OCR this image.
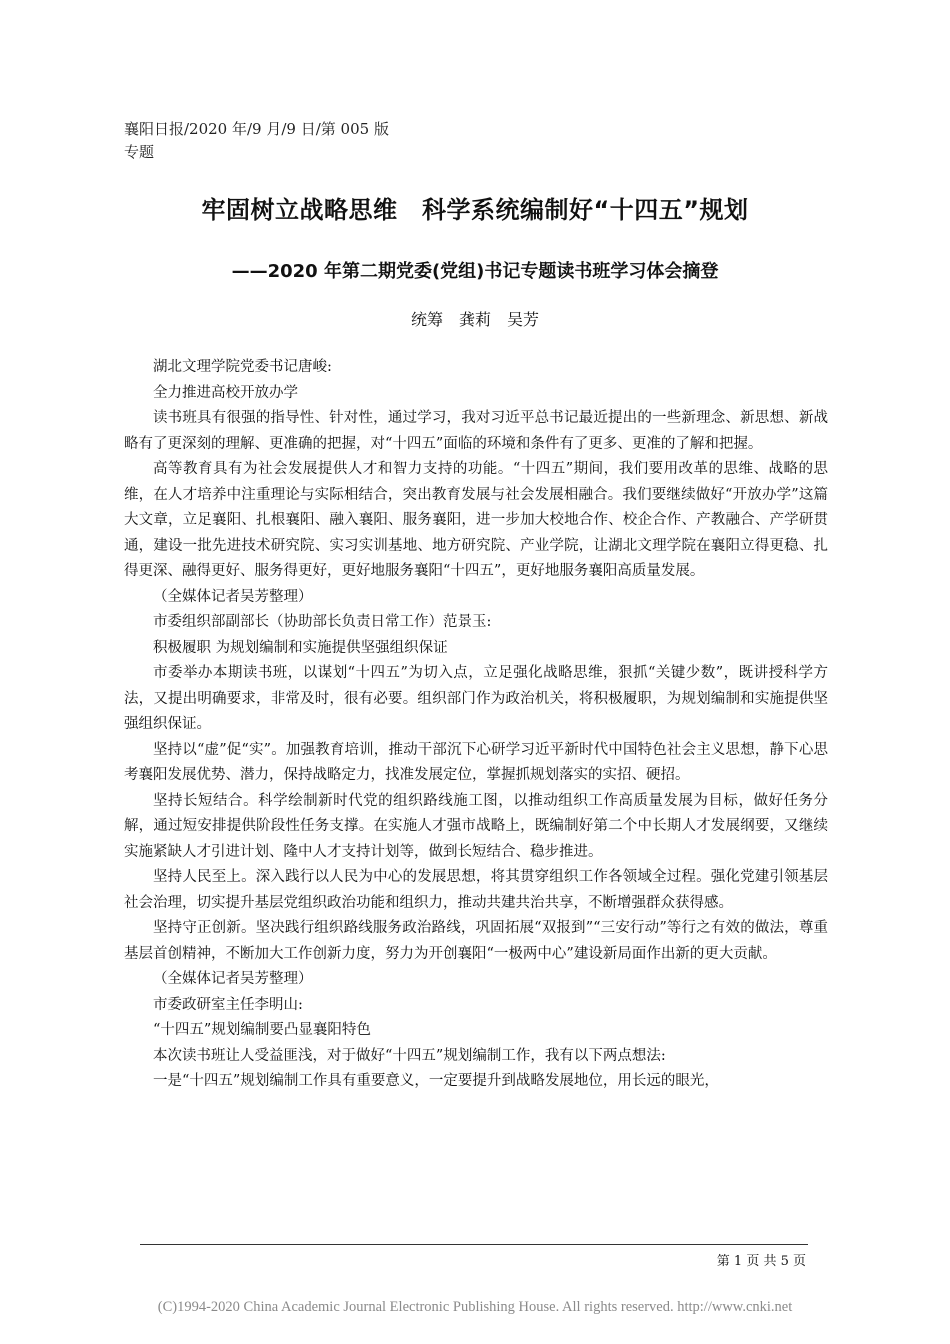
襄阳日报/2020 年/9 月/9 日/第 005 版
专题
牢固树立战略思维　科学系统编制好“十四五”规划
——2020 年第二期党委(党组)书记专题读书班学习体会摘登
统筹　龚莉　吴芳

湖北文理学院党委书记唐峻:

全力推进高校开放办学

读书班具有很强的指导性、针对性，通过学习，我对习近平总书记最近提出的一些新理念、新思想、新战略有了更深刻的理解、更准确的把握，对“十四五”面临的环境和条件有了更多、更准的了解和把握。

高等教育具有为社会发展提供人才和智力支持的功能。“十四五”期间，我们要用改革的思维、战略的思维，在人才培养中注重理论与实际相结合，突出教育发展与社会发展相融合。我们要继续做好“开放办学”这篇大文章，立足襄阳、扎根襄阳、融入襄阳、服务襄阳，进一步加大校地合作、校企合作、产教融合、产学研贯通，建设一批先进技术研究院、实习实训基地、地方研究院、产业学院，让湖北文理学院在襄阳立得更稳、扎得更深、融得更好、服务得更好，更好地服务襄阳“十四五”，更好地服务襄阳高质量发展。

（全媒体记者吴芳整理）

市委组织部副部长（协助部长负责日常工作）范景玉:

积极履职 为规划编制和实施提供坚强组织保证

市委举办本期读书班，以谋划“十四五”为切入点，立足强化战略思维，狠抓“关键少数”，既讲授科学方法，又提出明确要求，非常及时，很有必要。组织部门作为政治机关，将积极履职，为规划编制和实施提供坚强组织保证。

坚持以“虚”促“实”。加强教育培训，推动干部沉下心研学习近平新时代中国特色社会主义思想，静下心思考襄阳发展优势、潜力，保持战略定力，找准发展定位，掌握抓规划落实的实招、硬招。

坚持长短结合。科学绘制新时代党的组织路线施工图，以推动组织工作高质量发展为目标，做好任务分解，通过短安排提供阶段性任务支撑。在实施人才强市战略上，既编制好第二个中长期人才发展纲要，又继续实施紧缺人才引进计划、隆中人才支持计划等，做到长短结合、稳步推进。

坚持人民至上。深入践行以人民为中心的发展思想，将其贯穿组织工作各领域全过程。强化党建引领基层社会治理，切实提升基层党组织政治功能和组织力，推动共建共治共享，不断增强群众获得感。

坚持守正创新。坚决践行组织路线服务政治路线，巩固拓展“双报到”“三安行动”等行之有效的做法，尊重基层首创精神，不断加大工作创新力度，努力为开创襄阳“一极两中心”建设新局面作出新的更大贡献。

（全媒体记者吴芳整理）

市委政研室主任李明山:

“十四五”规划编制要凸显襄阳特色

本次读书班让人受益匪浅，对于做好“十四五”规划编制工作，我有以下两点想法:

一是“十四五”规划编制工作具有重要意义，一定要提升到战略发展地位，用长远的眼光，

第 1 页 共 5 页
(C)1994-2020 China Academic Journal Electronic Publishing House. All rights reserved. http://www.cnki.net
